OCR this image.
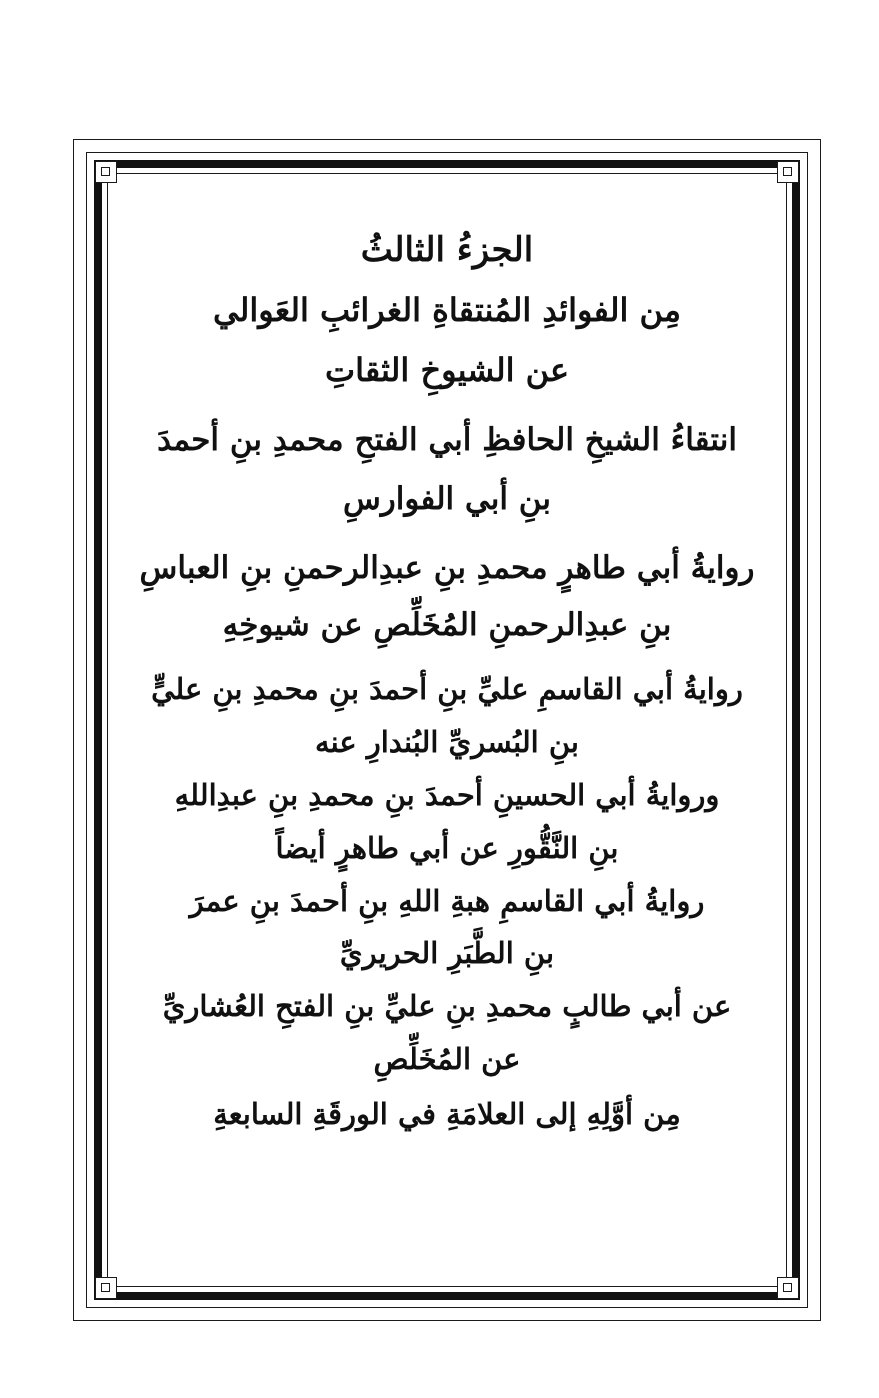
الجزءُ الثالثُ
مِن الفوائدِ المُنتقاةِ الغرائبِ العَوالي
عن الشيوخِ الثقاتِ
انتقاءُ الشيخِ الحافظِ أبي الفتحِ محمدِ بنِ أحمدَ
بنِ أبي الفوارسِ
روايةُ أبي طاهرٍ محمدِ بنِ عبدِالرحمنِ بنِ العباسِ
بنِ عبدِالرحمنِ المُخَلِّصِ عن شيوخِهِ
روايةُ أبي القاسمِ عليِّ بنِ أحمدَ بنِ محمدِ بنِ عليٍّ
بنِ البُسريِّ البُندارِ عنه
وروايةُ أبي الحسينِ أحمدَ بنِ محمدِ بنِ عبدِاللهِ
بنِ النَّقُّورِ عن أبي طاهرٍ أيضاً
روايةُ أبي القاسمِ هبةِ اللهِ بنِ أحمدَ بنِ عمرَ
بنِ الطَّبَرِ الحريريِّ
عن أبي طالبٍ محمدِ بنِ عليِّ بنِ الفتحِ العُشاريِّ
عن المُخَلِّصِ
مِن أوَّلِهِ إلى العلامَةِ في الورقَةِ السابعةِ
